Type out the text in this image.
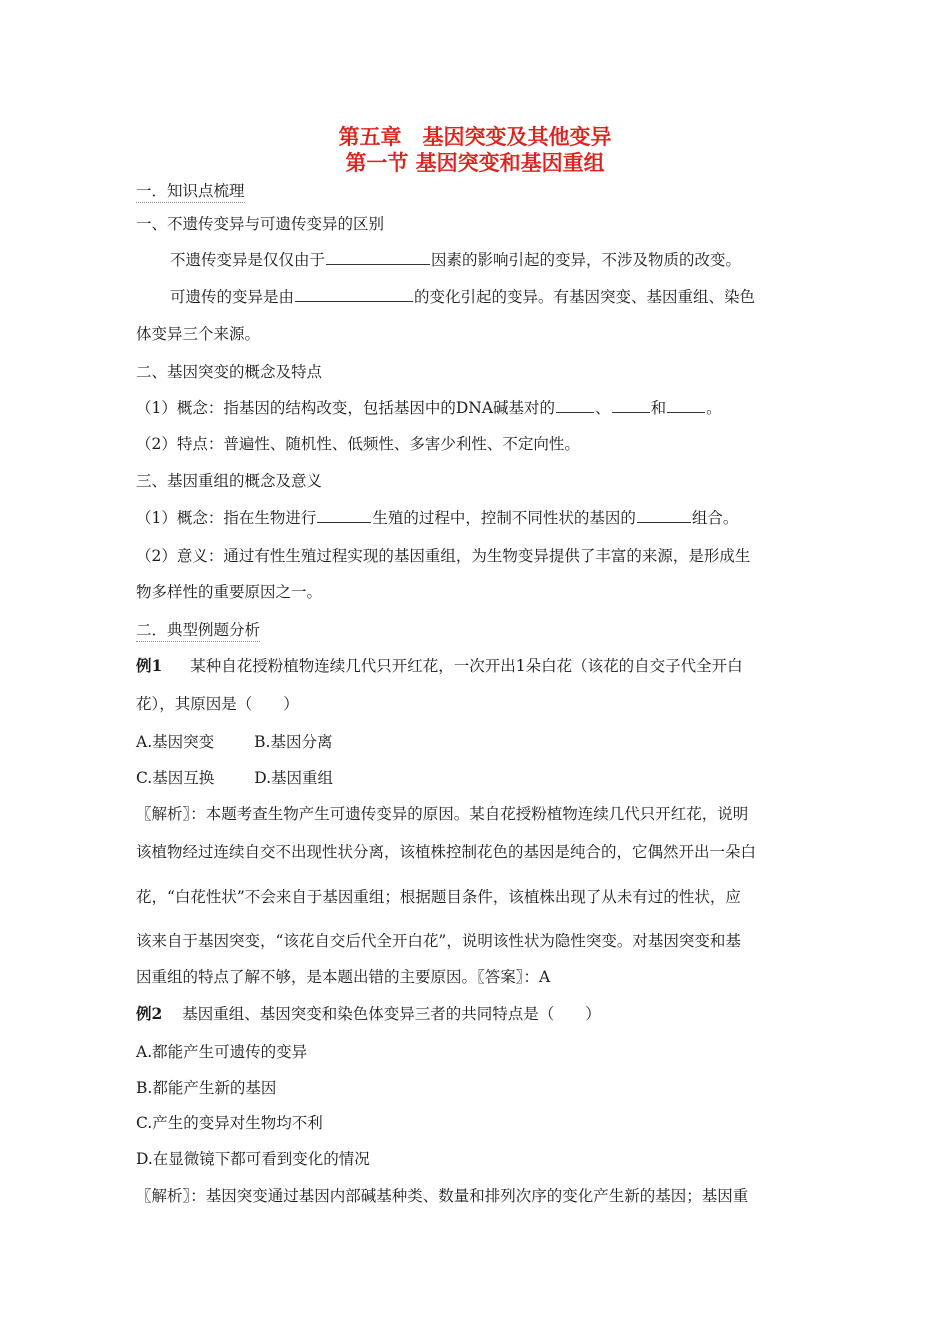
第五章　基因突变及其他变异
第一节 基因突变和基因重组
一．知识点梳理
一、不遗传变异与可遗传变异的区别
不遗传变异是仅仅由于	因素的影响引起的变异，不涉及物质的改变。
可遗传的变异是由	的变化引起的变异。有基因突变、基因重组、染色
体变异三个来源。
二、基因突变的概念及特点
（1）概念：指基因的结构改变，包括基因中的DNA碱基对的	、	和	。
（2）特点：普遍性、随机性、低频性、多害少利性、不定向性。
三、基因重组的概念及意义
（1）概念：指在生物进行	生殖的过程中，控制不同性状的基因的	组合。
（2）意义：通过有性生殖过程实现的基因重组，为生物变异提供了丰富的来源，是形成生
物多样性的重要原因之一。
二．典型例题分析
例1 某种自花授粉植物连续几代只开红花，一次开出1朵白花（该花的自交子代全开白
花），其原因是（　　）
A.基因突变	B.基因分离
C.基因互换	D.基因重组
〖解析〗：本题考查生物产生可遗传变异的原因。某自花授粉植物连续几代只开红花，说明
该植物经过连续自交不出现性状分离，该植株控制花色的基因是纯合的，它偶然开出一朵白
花，“白花性状”不会来自于基因重组；根据题目条件，该植株出现了从未有过的性状，应
该来自于基因突变，“该花自交后代全开白花”，说明该性状为隐性突变。对基因突变和基
因重组的特点了解不够，是本题出错的主要原因。〖答案〗：A
例2 基因重组、基因突变和染色体变异三者的共同特点是（　　）
A.都能产生可遗传的变异
B.都能产生新的基因
C.产生的变异对生物均不利
D.在显微镜下都可看到变化的情况
〖解析〗：基因突变通过基因内部碱基种类、数量和排列次序的变化产生新的基因；基因重
